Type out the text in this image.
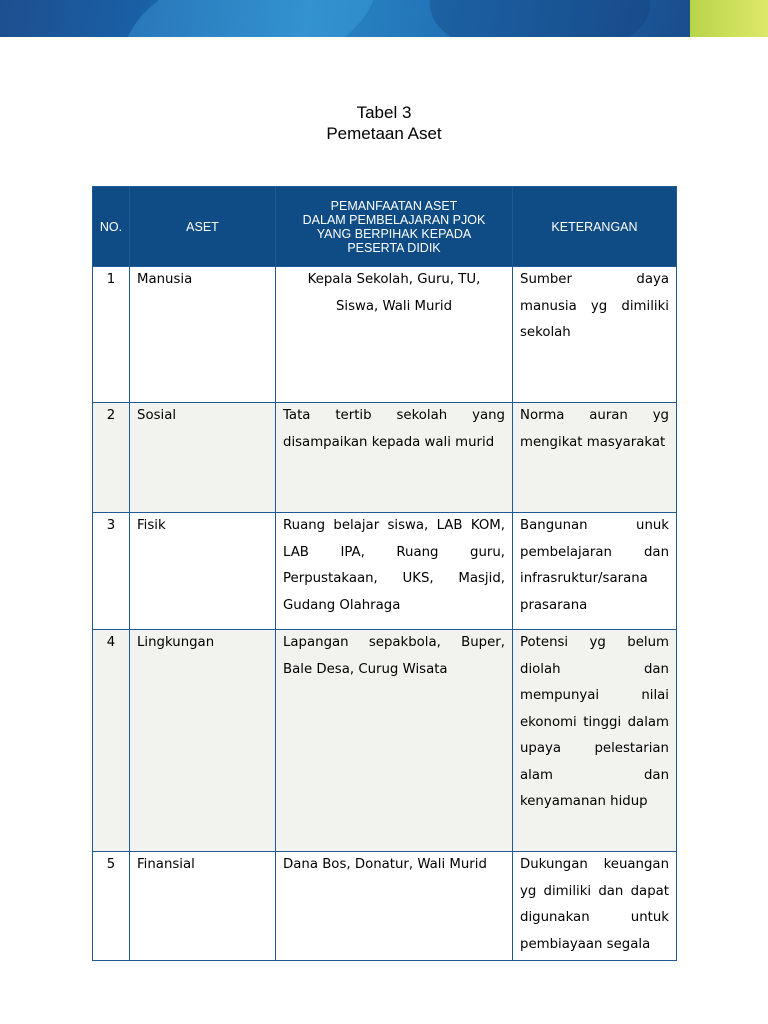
Tabel 3
Pemetaan Aset
NO.	ASET	PEMANFAATAN ASET
DALAM PEMBELAJARAN PJOK
YANG BERPIHAK KEPADA
PESERTA DIDIK	KETERANGAN
1	Manusia	Kepala Sekolah, Guru, TU, Siswa, Wali Murid	Sumber daya manusia yg dimiliki sekolah
2	Sosial	Tata tertib sekolah yang disampaikan kepada wali murid	Norma auran yg mengikat masyarakat
3	Fisik	Ruang belajar siswa, LAB KOM, LAB IPA, Ruang guru, Perpustakaan, UKS, Masjid, Gudang Olahraga	Bangunan unuk pembelajaran dan infrasruktur/sarana prasarana
4	Lingkungan	Lapangan sepakbola, Buper, Bale Desa, Curug Wisata	Potensi yg belum diolah dan mempunyai nilai ekonomi tinggi dalam upaya pelestarian alam dan kenyamanan hidup
5	Finansial	Dana Bos, Donatur, Wali Murid	Dukungan keuangan yg dimiliki dan dapat digunakan untuk pembiayaan segala
